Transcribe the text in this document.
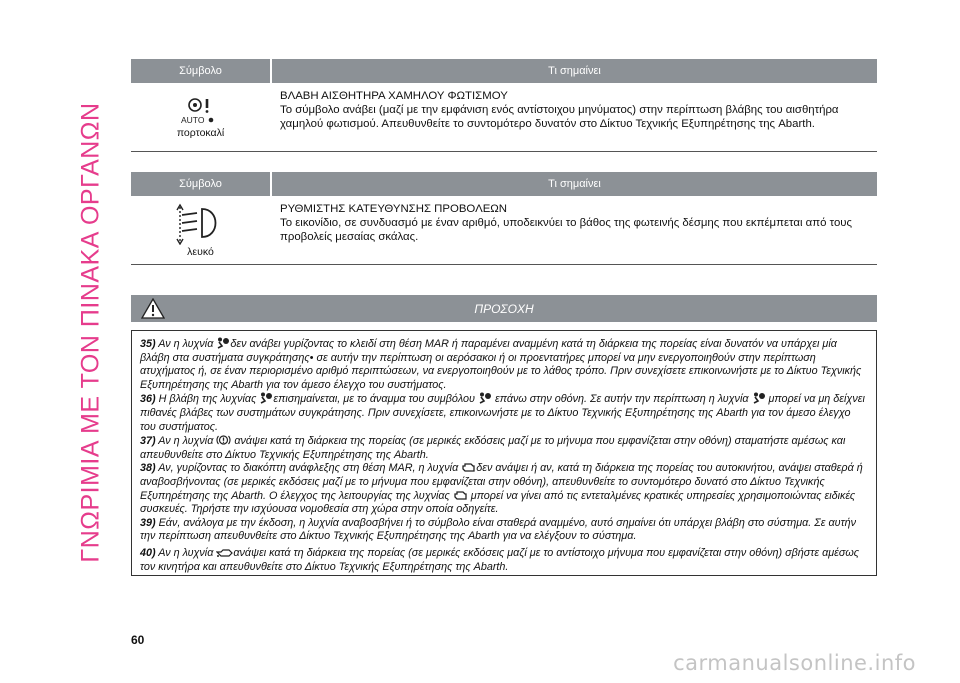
ΓΝΩΡΙΜΙΑ ΜΕ ΤΟΝ ΠΙΝΑΚΑ ΟΡΓΑΝΩΝ
Σύμβολο	Τι σημαίνει
AUTO
πορτοκαλί
ΒΛΑΒΗ ΑΙΣΘΗΤΗΡΑ ΧΑΜΗΛΟΥ ΦΩΤΙΣΜΟΥ
Το σύμβολο ανάβει (μαζί με την εμφάνιση ενός αντίστοιχου μηνύματος) στην περίπτωση βλάβης του αισθητήρα χαμηλού φωτισμού. Απευθυνθείτε το συντομότερο δυνατόν στο Δίκτυο Τεχνικής Εξυπηρέτησης της Abarth.
Σύμβολο	Τι σημαίνει
λευκό
ΡΥΘΜΙΣΤΗΣ ΚΑΤΕΥΘΥΝΣΗΣ ΠΡΟΒΟΛΕΩΝ
Το εικονίδιο, σε συνδυασμό με έναν αριθμό, υποδεικνύει το βάθος της φωτεινής δέσμης που εκπέμπεται από τους προβολείς μεσαίας σκάλας.
ΠΡΟΣΟΧΗ

35) Αν η λυχνία δεν ανάβει γυρίζοντας το κλειδί στη θέση MAR ή παραμένει αναμμένη κατά τη διάρκεια της πορείας είναι δυνατόν να υπάρχει μία βλάβη στα συστήματα συγκράτησης• σε αυτήν την περίπτωση οι αερόσακοι ή οι προεντατήρες μπορεί να μην ενεργοποιηθούν στην περίπτωση ατυχήματος ή, σε έναν περιορισμένο αριθμό περιπτώσεων, να ενεργοποιηθούν με το λάθος τρόπο. Πριν συνεχίσετε επικοινωνήστε με το Δίκτυο Τεχνικής Εξυπηρέτησης της Abarth για τον άμεσο έλεγχο του συστήματος.

36) Η βλάβη της λυχνίας επισημαίνεται, με το άναμμα του συμβόλου  επάνω στην οθόνη. Σε αυτήν την περίπτωση η λυχνία  μπορεί να μη δείχνει πιθανές βλάβες των συστημάτων συγκράτησης. Πριν συνεχίσετε, επικοινωνήστε με το Δίκτυο Τεχνικής Εξυπηρέτησης της Abarth για τον άμεσο έλεγχο του συστήματος.

37) Αν η λυχνία  ανάψει κατά τη διάρκεια της πορείας (σε μερικές εκδόσεις μαζί με το μήνυμα που εμφανίζεται στην οθόνη) σταματήστε αμέσως και απευθυνθείτε στο Δίκτυο Τεχνικής Εξυπηρέτησης της Abarth.

38) Αν, γυρίζοντας το διακόπτη ανάφλεξης στη θέση MAR, η λυχνία δεν ανάψει ή αν, κατά τη διάρκεια της πορείας του αυτοκινήτου, ανάψει σταθερά ή αναβοσβήνοντας (σε μερικές εκδόσεις μαζί με το μήνυμα που εμφανίζεται στην οθόνη), απευθυνθείτε το συντομότερο δυνατό στο Δίκτυο Τεχνικής Εξυπηρέτησης της Abarth. Ο έλεγχος της λειτουργίας της λυχνίας  μπορεί να γίνει από τις εντεταλμένες κρατικές υπηρεσίες χρησιμοποιώντας ειδικές συσκευές. Τηρήστε την ισχύουσα νομοθεσία στη χώρα στην οποία οδηγείτε.

39) Εάν, ανάλογα με την έκδοση, η λυχνία αναβοσβήνει ή το σύμβολο είναι σταθερά αναμμένο, αυτό σημαίνει ότι υπάρχει βλάβη στο σύστημα. Σε αυτήν την περίπτωση απευθυνθείτε στο Δίκτυο Τεχνικής Εξυπηρέτησης της Abarth για να ελέγξουν το σύστημα.

40) Αν η λυχνία ανάψει κατά τη διάρκεια της πορείας (σε μερικές εκδόσεις μαζί με το αντίστοιχο μήνυμα που εμφανίζεται στην οθόνη) σβήστε αμέσως τον κινητήρα και απευθυνθείτε στο Δίκτυο Τεχνικής Εξυπηρέτησης της Abarth.

60
carmanualsonline.info
